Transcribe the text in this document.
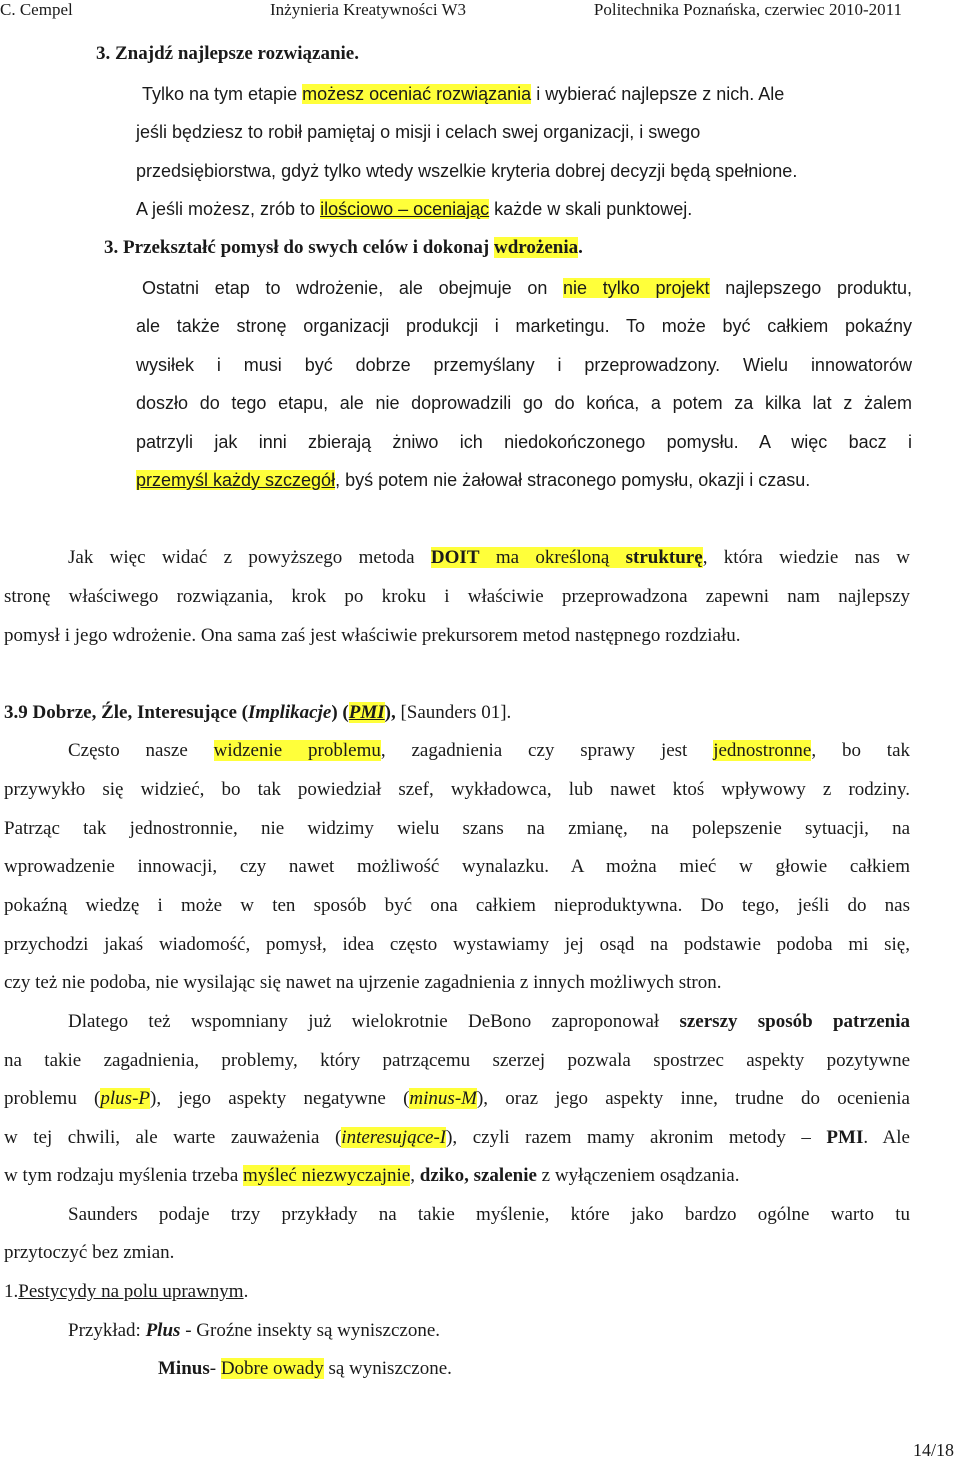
C. Cempel	Inżynieria Kreatywności W3	Politechnika Poznańska, czerwiec 2010-2011
3. Znajdź najlepsze rozwiązanie.
Tylko na tym etapie możesz oceniać rozwiązania i wybierać najlepsze z nich. Ale
jeśli będziesz to robił pamiętaj o misji i celach swej organizacji, i swego
przedsiębiorstwa, gdyż tylko wtedy wszelkie kryteria dobrej decyzji będą spełnione.
A jeśli możesz, zrób to ilościowo – oceniając każde w skali punktowej.
3. Przekształć pomysł do swych celów i dokonaj wdrożenia.
Ostatni etap to wdrożenie, ale obejmuje on nie tylko projekt najlepszego produktu,
ale także stronę organizacji produkcji i marketingu. To może być całkiem pokaźny
wysiłek i musi być dobrze przemyślany i przeprowadzony. Wielu innowatorów
doszło do tego etapu, ale nie doprowadzili go do końca, a potem za kilka lat z żalem
patrzyli jak inni zbierają żniwo ich niedokończonego pomysłu. A więc bacz i
przemyśl każdy szczegół, byś potem nie żałował straconego pomysłu, okazji i czasu.
Jak więc widać z powyższego metoda DOIT ma określoną strukturę, która wiedzie nas w
stronę właściwego rozwiązania, krok po kroku i właściwie przeprowadzona zapewni nam najlepszy
pomysł i jego wdrożenie. Ona sama zaś jest właściwie prekursorem metod następnego rozdziału.
3.9 Dobrze, Źle, Interesujące (Implikacje) (PMI), [Saunders 01].
Często nasze widzenie problemu, zagadnienia czy sprawy jest jednostronne, bo tak
przywykło się widzieć, bo tak powiedział szef, wykładowca, lub nawet ktoś wpływowy z rodziny.
Patrząc tak jednostronnie, nie widzimy wielu szans na zmianę, na polepszenie sytuacji, na
wprowadzenie innowacji, czy nawet możliwość wynalazku. A można mieć w głowie całkiem
pokaźną wiedzę i może w ten sposób być ona całkiem nieproduktywna. Do tego, jeśli do nas
przychodzi jakaś wiadomość, pomysł, idea często wystawiamy jej osąd na podstawie podoba mi się,
czy też nie podoba, nie wysilając się nawet na ujrzenie zagadnienia z innych możliwych stron.
Dlatego też wspomniany już wielokrotnie DeBono zaproponował szerszy sposób patrzenia
na takie zagadnienia, problemy, który patrzącemu szerzej pozwala spostrzec aspekty pozytywne
problemu (plus-P), jego aspekty negatywne (minus-M), oraz jego aspekty inne, trudne do ocenienia
w tej chwili, ale warte zauważenia (interesujące-I), czyli razem mamy akronim metody – PMI. Ale
w tym rodzaju myślenia trzeba myśleć niezwyczajnie, dziko, szalenie z wyłączeniem osądzania.
Saunders podaje trzy przykłady na takie myślenie, które jako bardzo ogólne warto tu
przytoczyć bez zmian.
1.Pestycydy na polu uprawnym.
Przykład: Plus - Groźne insekty są wyniszczone.
Minus- Dobre owady są wyniszczone.
14/18
